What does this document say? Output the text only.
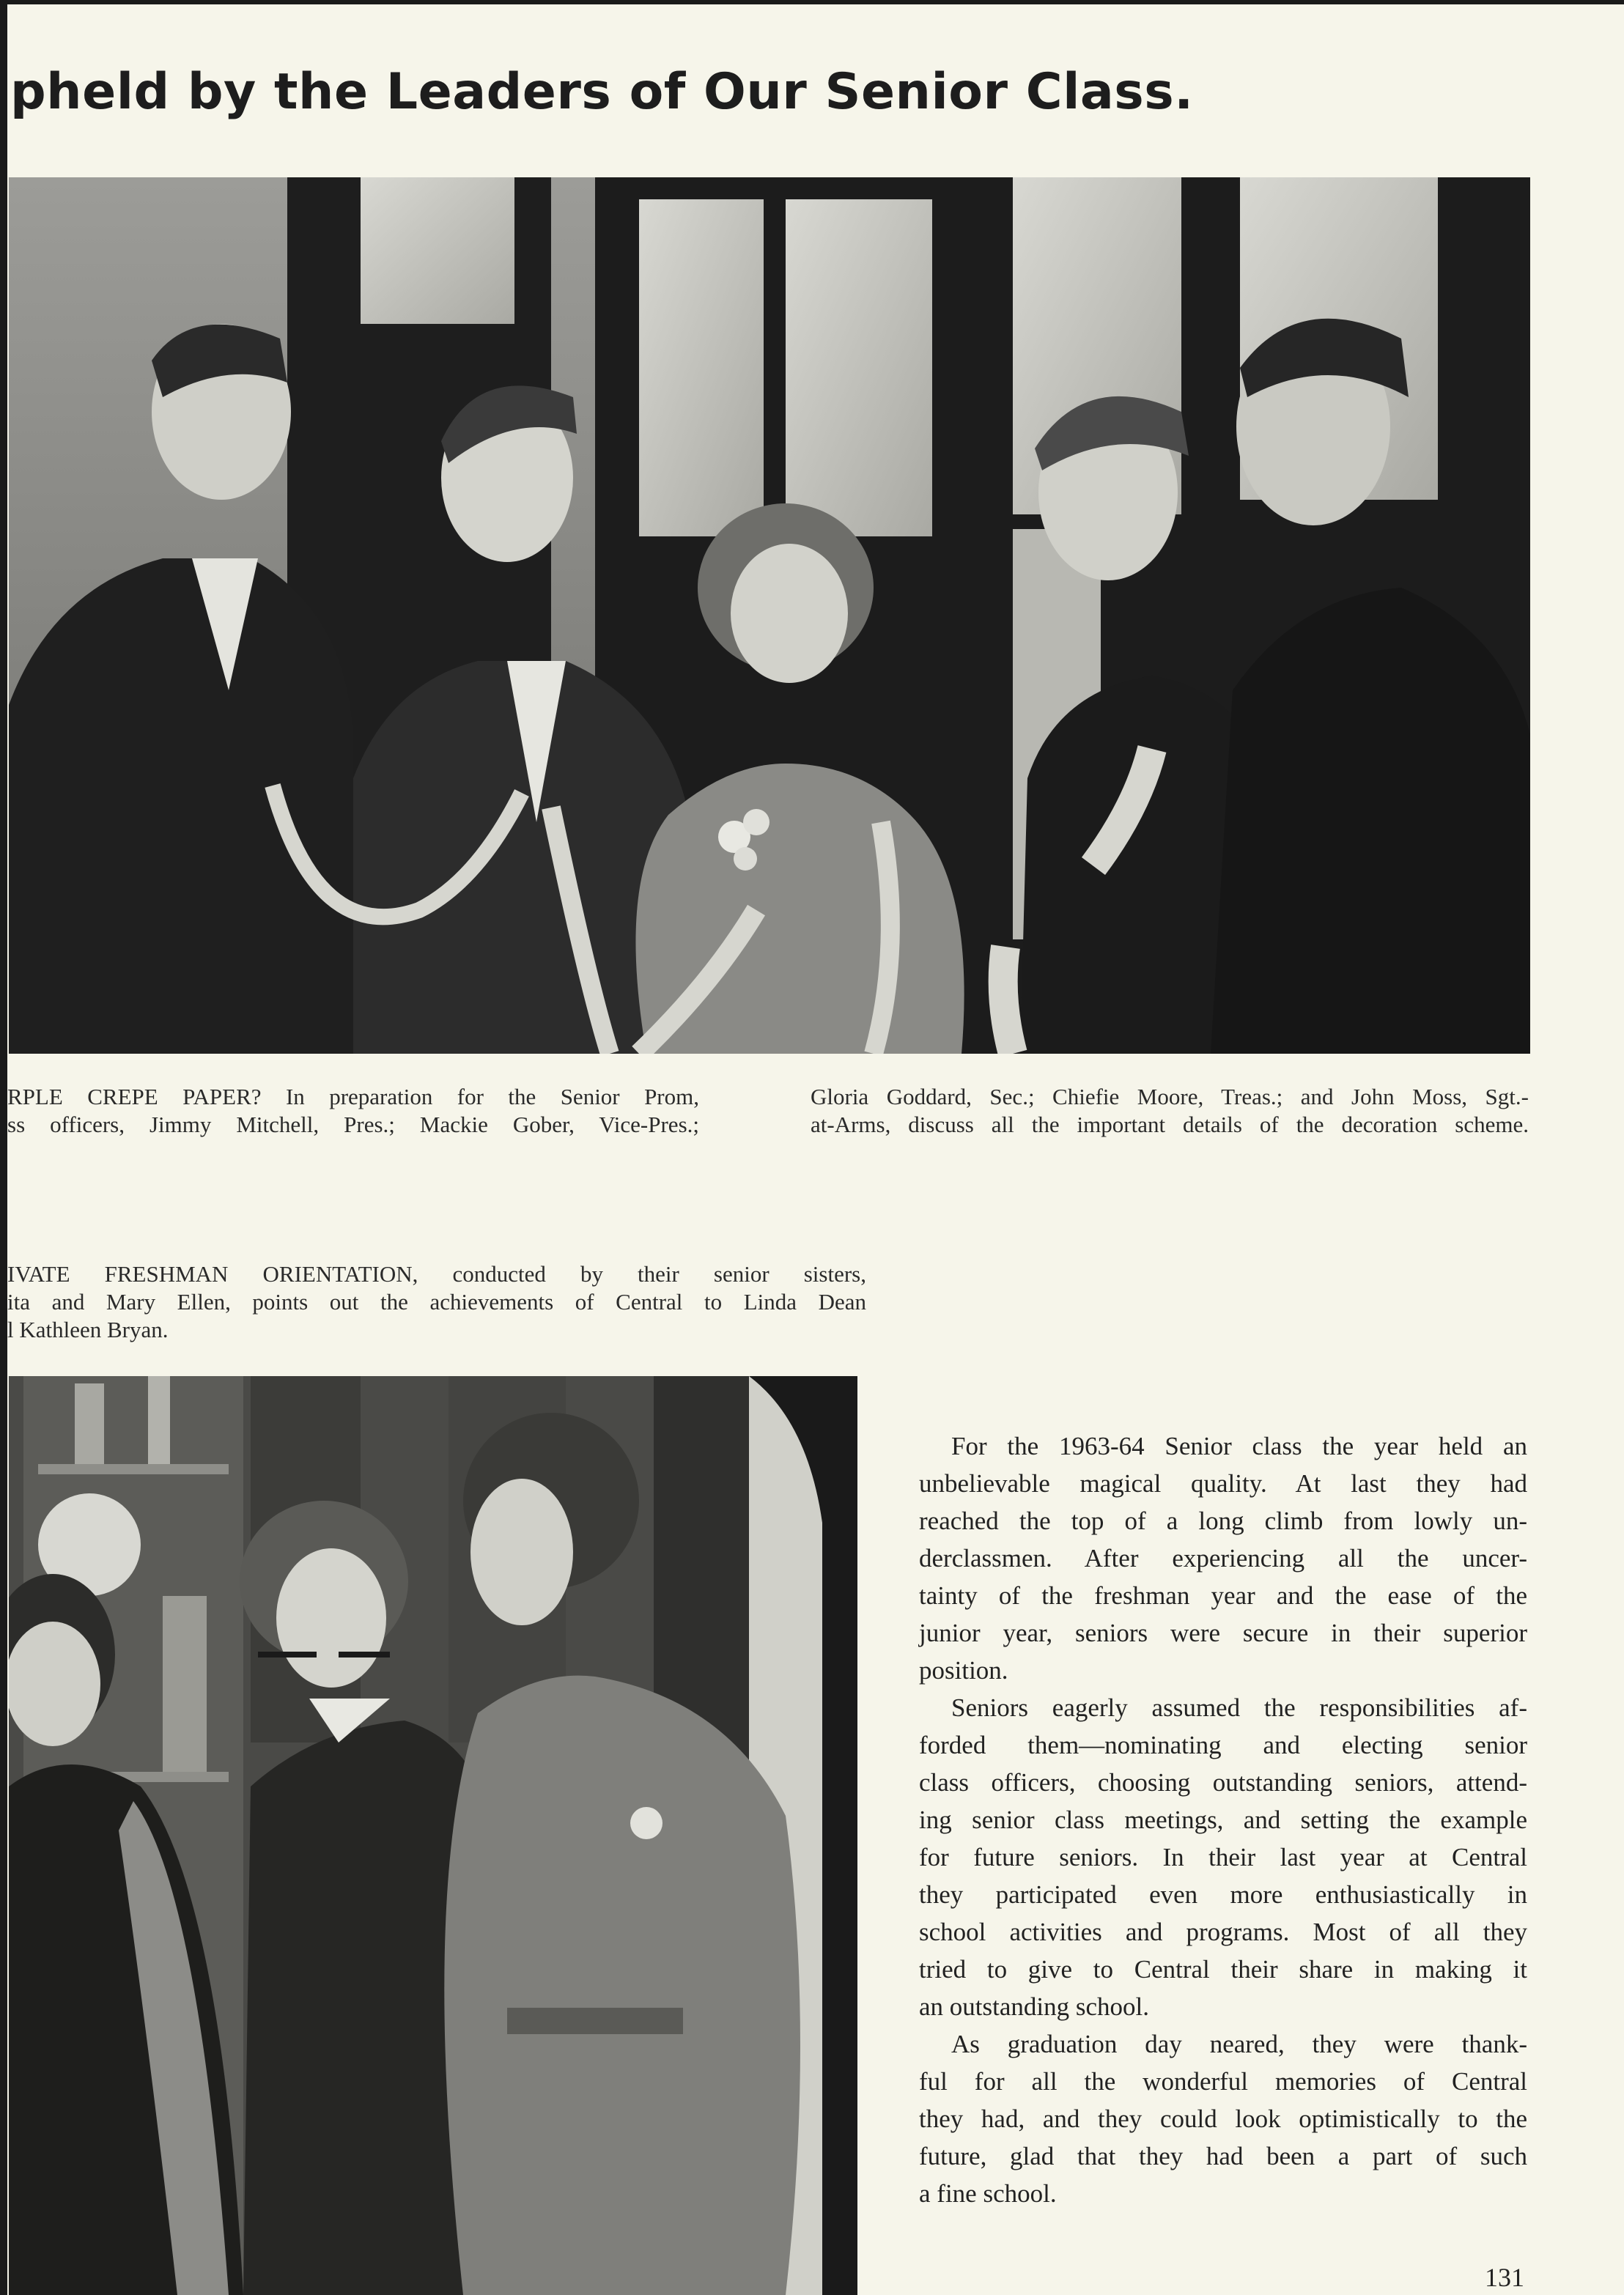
pheld by the Leaders of Our Senior Class.
RPLE CREPE PAPER? In preparation for the Senior Prom,
ss officers, Jimmy Mitchell, Pres.; Mackie Gober, Vice-Pres.;
Gloria Goddard, Sec.; Chiefie Moore, Treas.; and John Moss, Sgt.-
at-Arms, discuss all the important details of the decoration scheme.
IVATE FRESHMAN ORIENTATION, conducted by their senior sisters,
ita and Mary Ellen, points out the achievements of Central to Linda Dean
l Kathleen Bryan.
For the 1963-64 Senior class the year held an
unbelievable magical quality. At last they had
reached the top of a long climb from lowly un-
derclassmen. After experiencing all the uncer-
tainty of the freshman year and the ease of the
junior year, seniors were secure in their superior
position.
Seniors eagerly assumed the responsibilities af-
forded them—nominating and electing senior
class officers, choosing outstanding seniors, attend-
ing senior class meetings, and setting the example
for future seniors. In their last year at Central
they participated even more enthusiastically in
school activities and programs. Most of all they
tried to give to Central their share in making it
an outstanding school.
As graduation day neared, they were thank-
ful for all the wonderful memories of Central
they had, and they could look optimistically to the
future, glad that they had been a part of such
a fine school.
131
